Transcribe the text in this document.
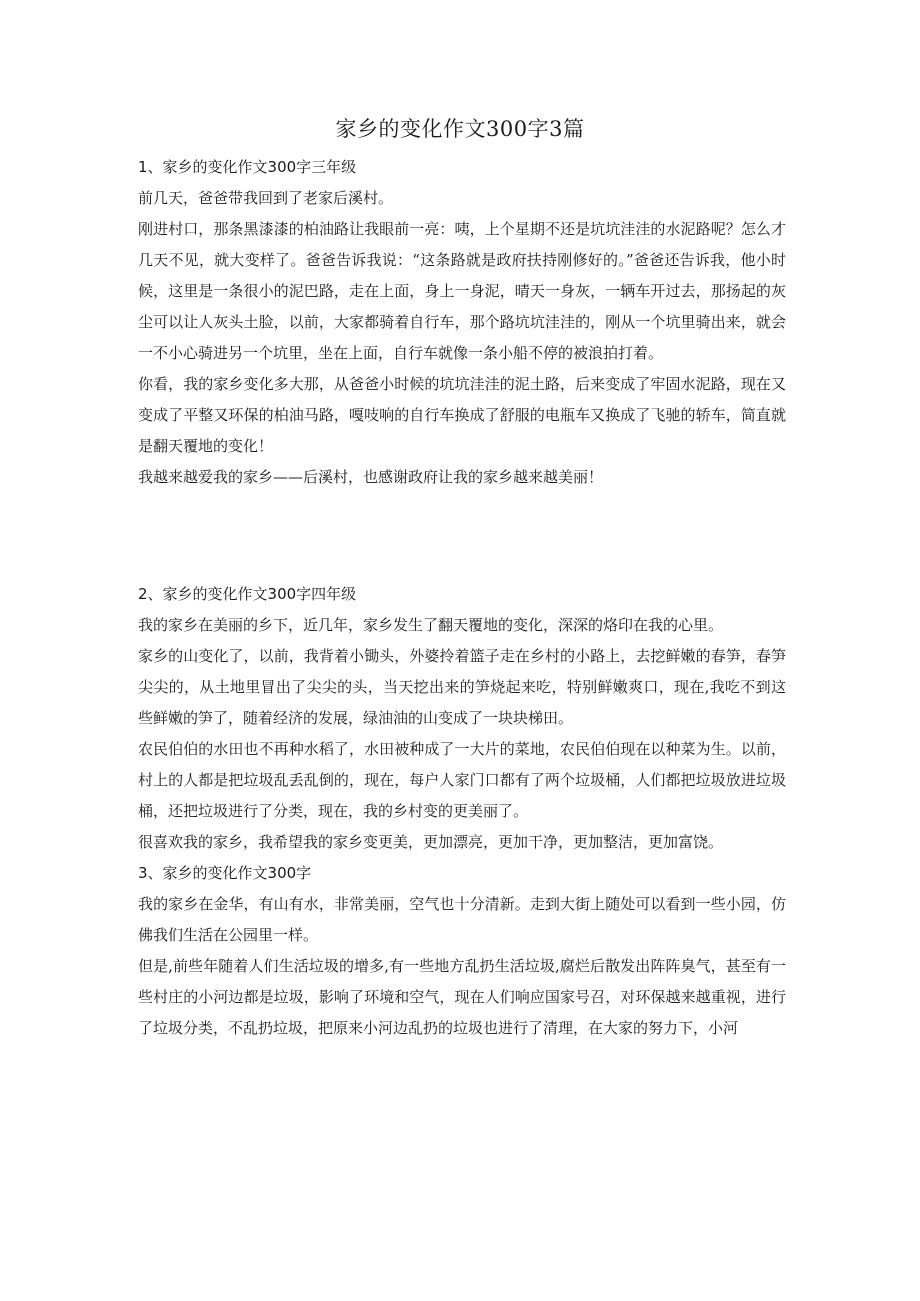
家乡的变化作文300字3篇

1、家乡的变化作文300字三年级

前几天，爸爸带我回到了老家后溪村。

刚进村口，那条黑漆漆的柏油路让我眼前一亮：咦，上个星期不还是坑坑洼洼的水泥路呢？怎么才几天不见，就大变样了。爸爸告诉我说：“这条路就是政府扶持刚修好的。”爸爸还告诉我，他小时候，这里是一条很小的泥巴路，走在上面，身上一身泥，晴天一身灰，一辆车开过去，那扬起的灰尘可以让人灰头土脸，以前，大家都骑着自行车，那个路坑坑洼洼的，刚从一个坑里骑出来，就会一不小心骑进另一个坑里，坐在上面，自行车就像一条小船不停的被浪拍打着。

你看，我的家乡变化多大那，从爸爸小时候的坑坑洼洼的泥土路，后来变成了牢固水泥路，现在又变成了平整又环保的柏油马路，嘎吱响的自行车换成了舒服的电瓶车又换成了飞驰的轿车，简直就是翻天覆地的变化！

我越来越爱我的家乡——后溪村，也感谢政府让我的家乡越来越美丽！

2、家乡的变化作文300字四年级

我的家乡在美丽的乡下，近几年，家乡发生了翻天覆地的变化，深深的烙印在我的心里。

家乡的山变化了，以前，我背着小锄头，外婆拎着篮子走在乡村的小路上，去挖鲜嫩的春笋，春笋尖尖的，从土地里冒出了尖尖的头，当天挖出来的笋烧起来吃，特别鲜嫩爽口，现在,我吃不到这些鲜嫩的笋了，随着经济的发展，绿油油的山变成了一块块梯田。

农民伯伯的水田也不再种水稻了，水田被种成了一大片的菜地，农民伯伯现在以种菜为生。以前，村上的人都是把垃圾乱丢乱倒的，现在，每户人家门口都有了两个垃圾桶，人们都把垃圾放进垃圾桶，还把垃圾进行了分类，现在，我的乡村变的更美丽了。

很喜欢我的家乡，我希望我的家乡变更美，更加漂亮，更加干净，更加整洁，更加富饶。

3、家乡的变化作文300字

我的家乡在金华，有山有水，非常美丽，空气也十分清新。走到大街上随处可以看到一些小园，仿佛我们生活在公园里一样。

但是,前些年随着人们生活垃圾的增多,有一些地方乱扔生活垃圾,腐烂后散发出阵阵臭气，甚至有一些村庄的小河边都是垃圾，影响了环境和空气，现在人们响应国家号召，对环保越来越重视，进行了垃圾分类，不乱扔垃圾，把原来小河边乱扔的垃圾也进行了清理，在大家的努力下，小河
